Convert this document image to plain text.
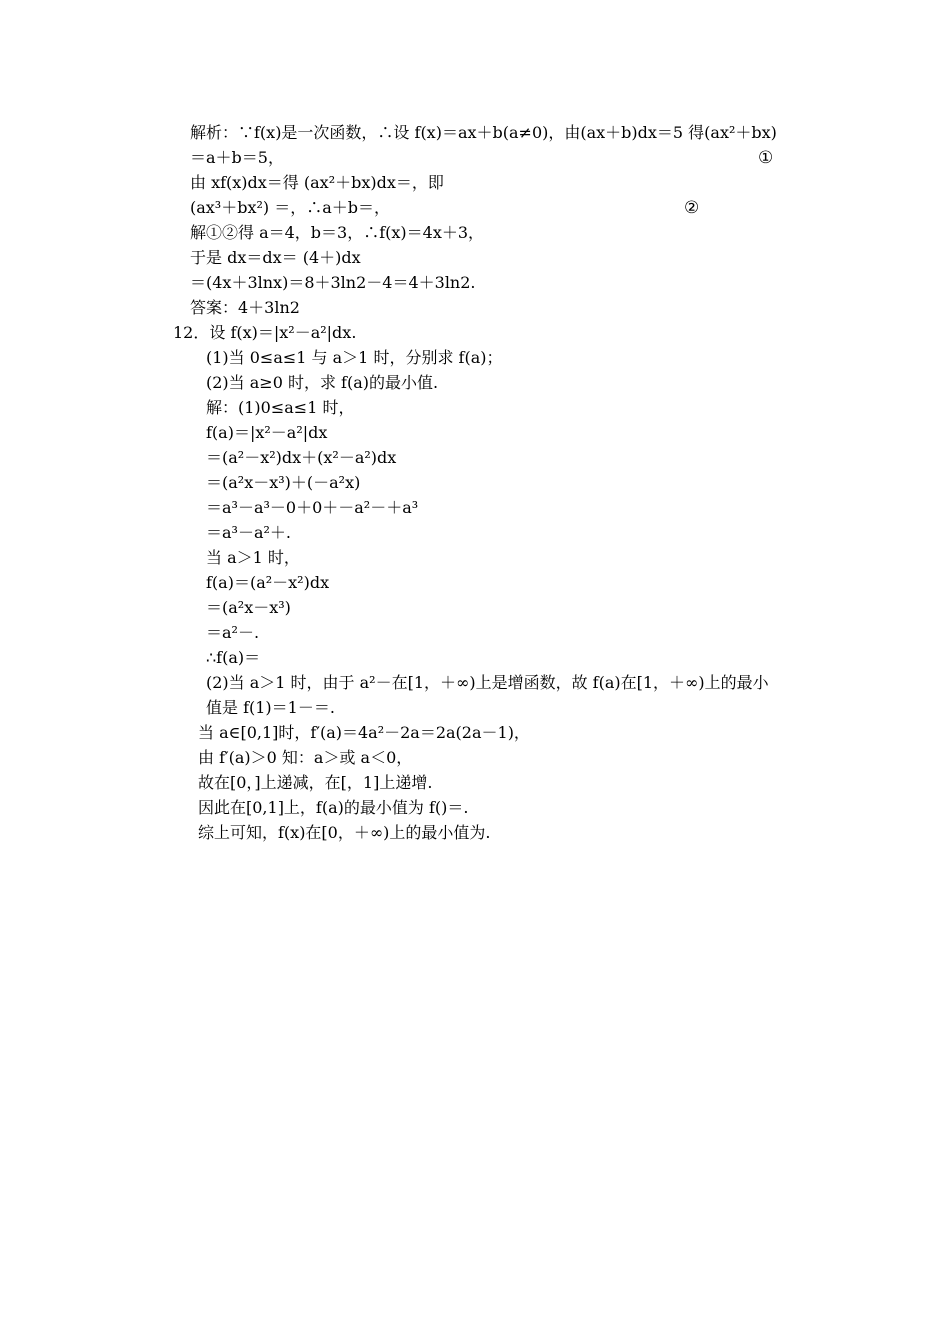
解析：∵f(x)是一次函数，∴设 f(x)＝ax＋b(a≠0)，由(ax＋b)dx＝5 得(ax²＋bx)
＝a＋b＝5，	①
由 xf(x)dx＝得 (ax²＋bx)dx＝，即
(ax³＋bx²) ＝，∴a＋b＝，	②
解①②得 a＝4，b＝3，∴f(x)＝4x＋3，
于是 dx＝dx＝ (4＋)dx
＝(4x＋3lnx)＝8＋3ln2－4＝4＋3ln2.
答案：4＋3ln2
12．设 f(x)＝|x²－a²|dx.
(1)当 0≤a≤1 与 a＞1 时，分别求 f(a)；
(2)当 a≥0 时，求 f(a)的最小值.
解：(1)0≤a≤1 时，
f(a)＝|x²－a²|dx
＝(a²－x²)dx＋(x²－a²)dx
＝(a²x－x³)＋(－a²x)
＝a³－a³－0＋0＋－a²－＋a³
＝a³－a²＋.
当 a＞1 时，
f(a)＝(a²－x²)dx
＝(a²x－x³)
＝a²－.
∴f(a)＝
(2)当 a＞1 时，由于 a²－在[1，＋∞)上是增函数，故 f(a)在[1，＋∞)上的最小
值是 f(1)＝1－＝.
当 a∈[0,1]时，f′(a)＝4a²－2a＝2a(2a－1)，
由 f′(a)＞0 知：a＞或 a＜0，
故在[0，]上递减，在[，1]上递增.
因此在[0,1]上，f(a)的最小值为 f()＝.
综上可知，f(x)在[0，＋∞)上的最小值为.
